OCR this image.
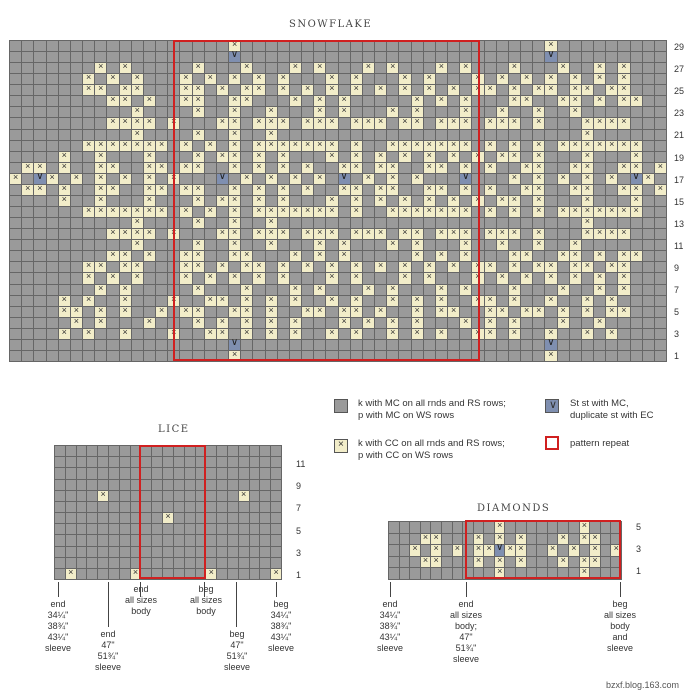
SNOWFLAKE
×
×
∨
∨
×
×
×
×
×
×
×
×
×
×
×
×
×
×
×
×
×
×
×
×
×
×
×
×
×
×
×
×
×
×
×
×
×
×
×
×
×
×
×
×
×
×
×
×
×
×
×
×
×
×
×
×
×
×
×
×
×
×
×
×
×
×
×
×
×
×
×
×
×
×
×
×
×
×
×
×
×
×
×
×
×
×
×
×
×
×
×
×
×
×
×
×
×
×
×
×
×
×
×
×
×
×
×
×
×
×
×
×
×
×
×
×
×
×
×
×
×
×
×
×
×
×
×
×
×
×
×
×
×
×
×
×
×
×
×
×
×
×
×
×
×
×
×
×
×
×
×
×
×
×
×
×
×
×
×
×
×
×
×
×
×
×
×
×
×
×
×
×
×
×
×
×
×
×
×
×
×
×
×
×
×
×
×
×
×
×
×
×
×
×
×
×
×
×
×
×
×
×
×
×
×
×
×
×
×
×
×
×
×
∨
×
×
×
×
×
×
∨
×
×
×
×
∨
×
×
×
∨
×
×
×
×
×
∨
×
×
×
×
×
×
×
×
×
×
×
×
×
×
×
×
×
×
×
×
×
×
×
×
×
×
×
×
×
×
×
×
×
×
×
×
×
×
×
×
×
×
×
×
×
×
×
×
×
×
×
×
×
×
×
×
×
×
×
×
×
×
×
×
×
×
×
×
×
×
×
×
×
×
×
×
×
×
×
×
×
×
×
×
×
×
×
×
×
×
×
×
×
×
×
×
×
×
×
×
×
×
×
×
×
×
×
×
×
×
×
×
×
×
×
×
×
×
×
×
×
×
×
×
×
×
×
×
×
×
×
×
×
×
×
×
×
×
×
×
×
×
×
×
×
×
×
×
×
×
×
×
×
×
×
×
×
×
×
×
×
×
×
×
×
×
×
×
×
×
×
×
×
×
×
×
×
×
×
×
×
×
×
×
×
×
×
×
×
×
×
×
×
×
×
×
×
×
×
×
×
×
×
×
×
×
×
×
×
×
×
×
×
×
×
×
×
×
×
×
×
×
×
×
×
×
×
×
×
×
×
×
×
×
×
×
×
×
×
×
×
×
×
×
×
×
×
×
×
×
×
×
×
×
×
×
×
×
×
×
×
×
×
×
×
×
×
×
×
×
×
×
×
×
×
×
×
×
×
×
×
×
×
×
×
×
×
×
×
×
×
×
∨
∨
×
×
29
27
25
23
21
19
17
15
13
11
9
7
5
3
1
k with MC on all rnds and RS rows;
p with MC on WS rows
× k with CC on all rnds and RS rows;
p with CC on WS rows
∨ St st with MC,
duplicate st with EC
pattern repeat
LICE
×
×
×
×
×
×
×
11
9
7
5
3
1
end
34¼"
38¾"
43¼"
sleeve
end
47"
51¾"
sleeve
end
all sizes
body
beg
all sizes
body
beg
47"
51¾"
sleeve
beg
34¼"
38¾"
43¼"
sleeve
DIAMONDS
×
×
×
×
×
×
×
×
×
×
×
×
×
×
×
∨
×
×
×
×
×
×
×
×
×
×
×
×
×
×
×
×
5
3
1
end
34¼"
38¾"
43¼"
sleeve
end
all sizes
body;
47"
51¾"
sleeve
beg
all sizes
body
and
sleeve
bzxf.blog.163.com
